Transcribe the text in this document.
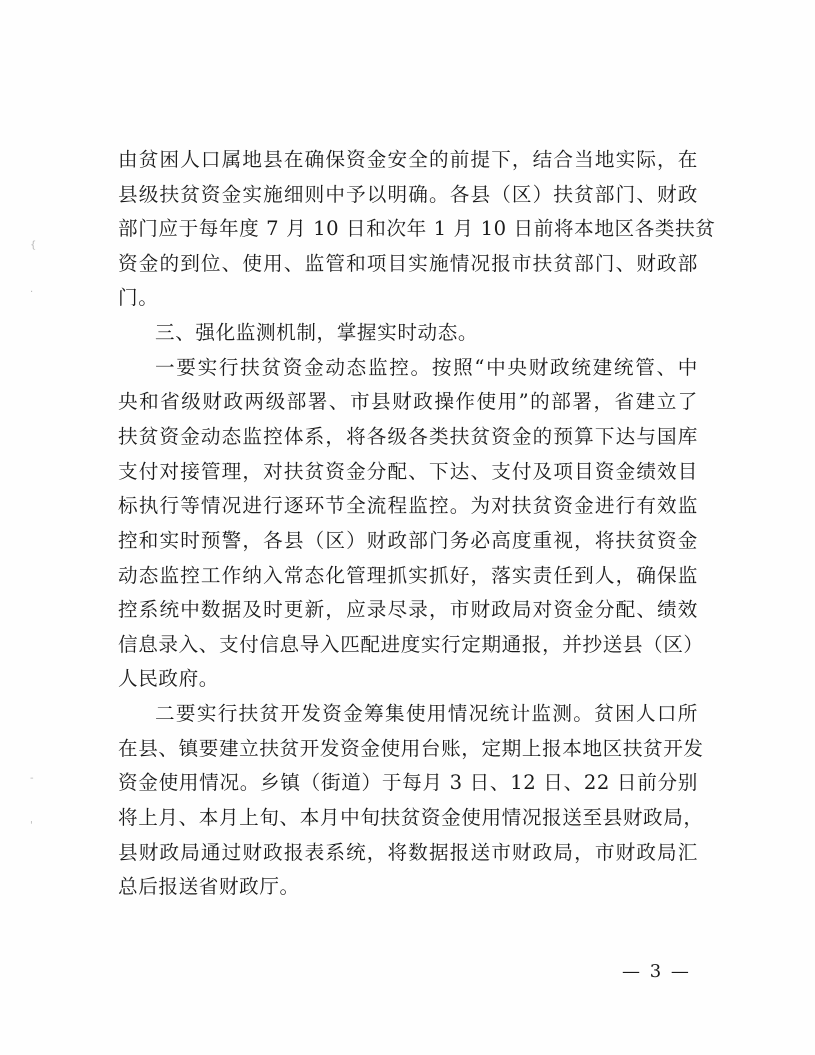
{
·
-
'
由贫困人口属地县在确保资金安全的前提下，结合当地实际，在
县级扶贫资金实施细则中予以明确。各县（区）扶贫部门、财政
部门应于每年度 7 月 10 日和次年 1 月 10 日前将本地区各类扶贫
资金的到位、使用、监管和项目实施情况报市扶贫部门、财政部
门。
三、强化监测机制，掌握实时动态。
一要实行扶贫资金动态监控。按照“中央财政统建统管、中
央和省级财政两级部署、市县财政操作使用”的部署，省建立了
扶贫资金动态监控体系，将各级各类扶贫资金的预算下达与国库
支付对接管理，对扶贫资金分配、下达、支付及项目资金绩效目
标执行等情况进行逐环节全流程监控。为对扶贫资金进行有效监
控和实时预警，各县（区）财政部门务必高度重视，将扶贫资金
动态监控工作纳入常态化管理抓实抓好，落实责任到人，确保监
控系统中数据及时更新，应录尽录，市财政局对资金分配、绩效
信息录入、支付信息导入匹配进度实行定期通报，并抄送县（区）
人民政府。
二要实行扶贫开发资金筹集使用情况统计监测。贫困人口所
在县、镇要建立扶贫开发资金使用台账，定期上报本地区扶贫开发
资金使用情况。乡镇（街道）于每月 3 日、12 日、22 日前分别
将上月、本月上旬、本月中旬扶贫资金使用情况报送至县财政局，
县财政局通过财政报表系统，将数据报送市财政局，市财政局汇
总后报送省财政厅。
— 3 —
